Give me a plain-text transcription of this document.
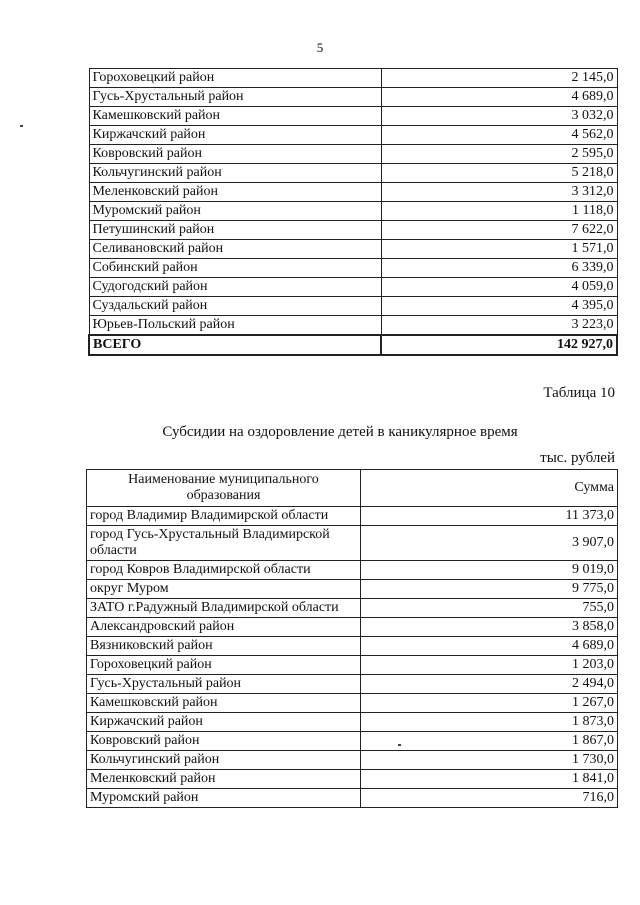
5
Гороховецкий район	2 145,0
Гусь-Хрустальный район	4 689,0
Камешковский район	3 032,0
Киржачский район	4 562,0
Ковровский район	2 595,0
Кольчугинский район	5 218,0
Меленковский район	3 312,0
Муромский район	1 118,0
Петушинский район	7 622,0
Селивановский район	1 571,0
Собинский район	6 339,0
Судогодский район	4 059,0
Суздальский район	4 395,0
Юрьев-Польский район	3 223,0
ВСЕГО	142 927,0
Таблица 10
Субсидии на оздоровление детей в каникулярное время
тыс. рублей
Наименование муниципального образования	Сумма
город Владимир Владимирской области	11 373,0
город Гусь-Хрустальный Владимирской области	3 907,0
город Ковров Владимирской области	9 019,0
округ Муром	9 775,0
ЗАТО г.Радужный Владимирской области	755,0
Александровский район	3 858,0
Вязниковский район	4 689,0
Гороховецкий район	1 203,0
Гусь-Хрустальный район	2 494,0
Камешковский район	1 267,0
Киржачский район	1 873,0
Ковровский район	1 867,0
Кольчугинский район	1 730,0
Меленковский район	1 841,0
Муромский район	716,0
